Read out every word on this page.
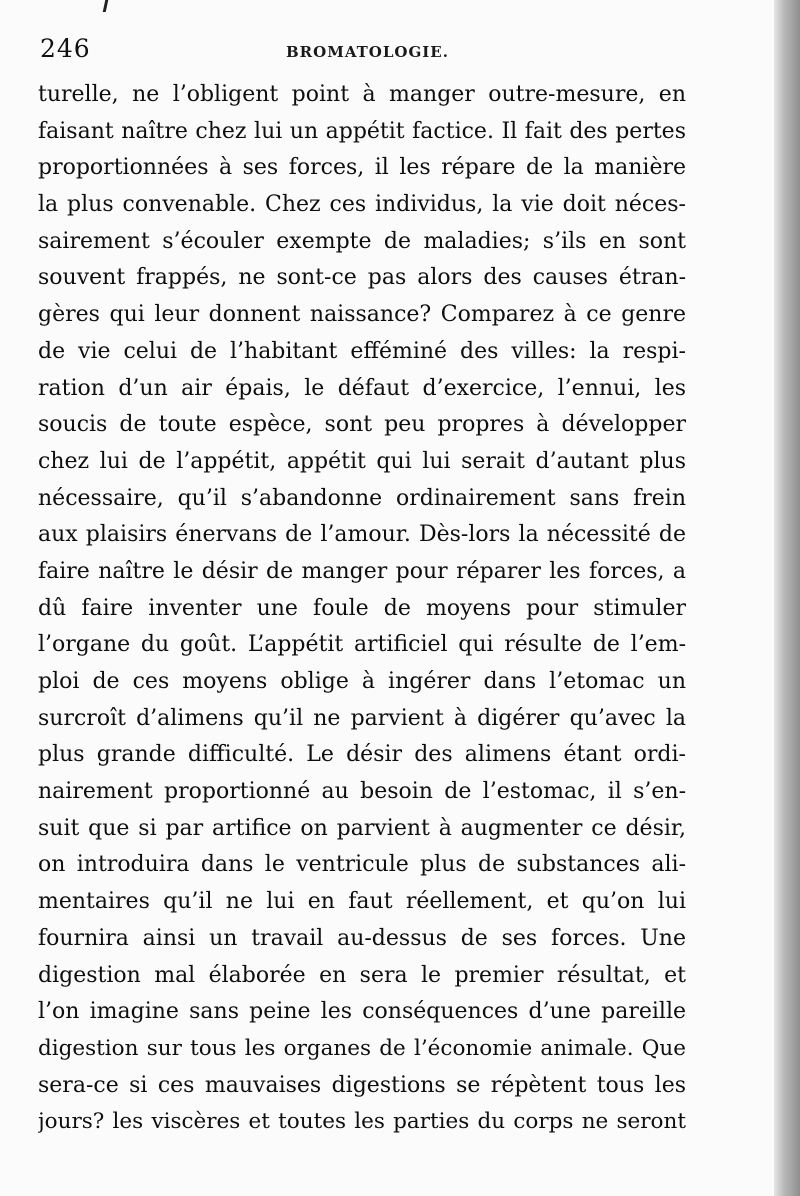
246	BROMATOLOGIE.
turelle, ne l’obligent point à manger outre-mesure, en
faisant naître chez lui un appétit factice. Il fait des pertes
proportionnées à ses forces, il les répare de la manière
la plus convenable. Chez ces individus, la vie doit néces-
sairement s’écouler exempte de maladies; s’ils en sont
souvent frappés, ne sont-ce pas alors des causes étran-
gères qui leur donnent naissance? Comparez à ce genre
de vie celui de l’habitant efféminé des villes: la respi-
ration d’un air épais, le défaut d’exercice, l’ennui, les
soucis de toute espèce, sont peu propres à développer
chez lui de l’appétit, appétit qui lui serait d’autant plus
nécessaire, qu’il s’abandonne ordinairement sans frein
aux plaisirs énervans de l’amour. Dès-lors la nécessité de
faire naître le désir de manger pour réparer les forces, a
dû faire inventer une foule de moyens pour stimuler
l’organe du goût. L’appétit artificiel qui résulte de l’em-
ploi de ces moyens oblige à ingérer dans l’etomac un
surcroît d’alimens qu’il ne parvient à digérer qu’avec la
plus grande difficulté. Le désir des alimens étant ordi-
nairement proportionné au besoin de l’estomac, il s’en-
suit que si par artifice on parvient à augmenter ce désir,
on introduira dans le ventricule plus de substances ali-
mentaires qu’il ne lui en faut réellement, et qu’on lui
fournira ainsi un travail au-dessus de ses forces. Une
digestion mal élaborée en sera le premier résultat, et
l’on imagine sans peine les conséquences d’une pareille
digestion sur tous les organes de l’économie animale. Que
sera-ce si ces mauvaises digestions se répètent tous les
jours? les viscères et toutes les parties du corps ne seront
